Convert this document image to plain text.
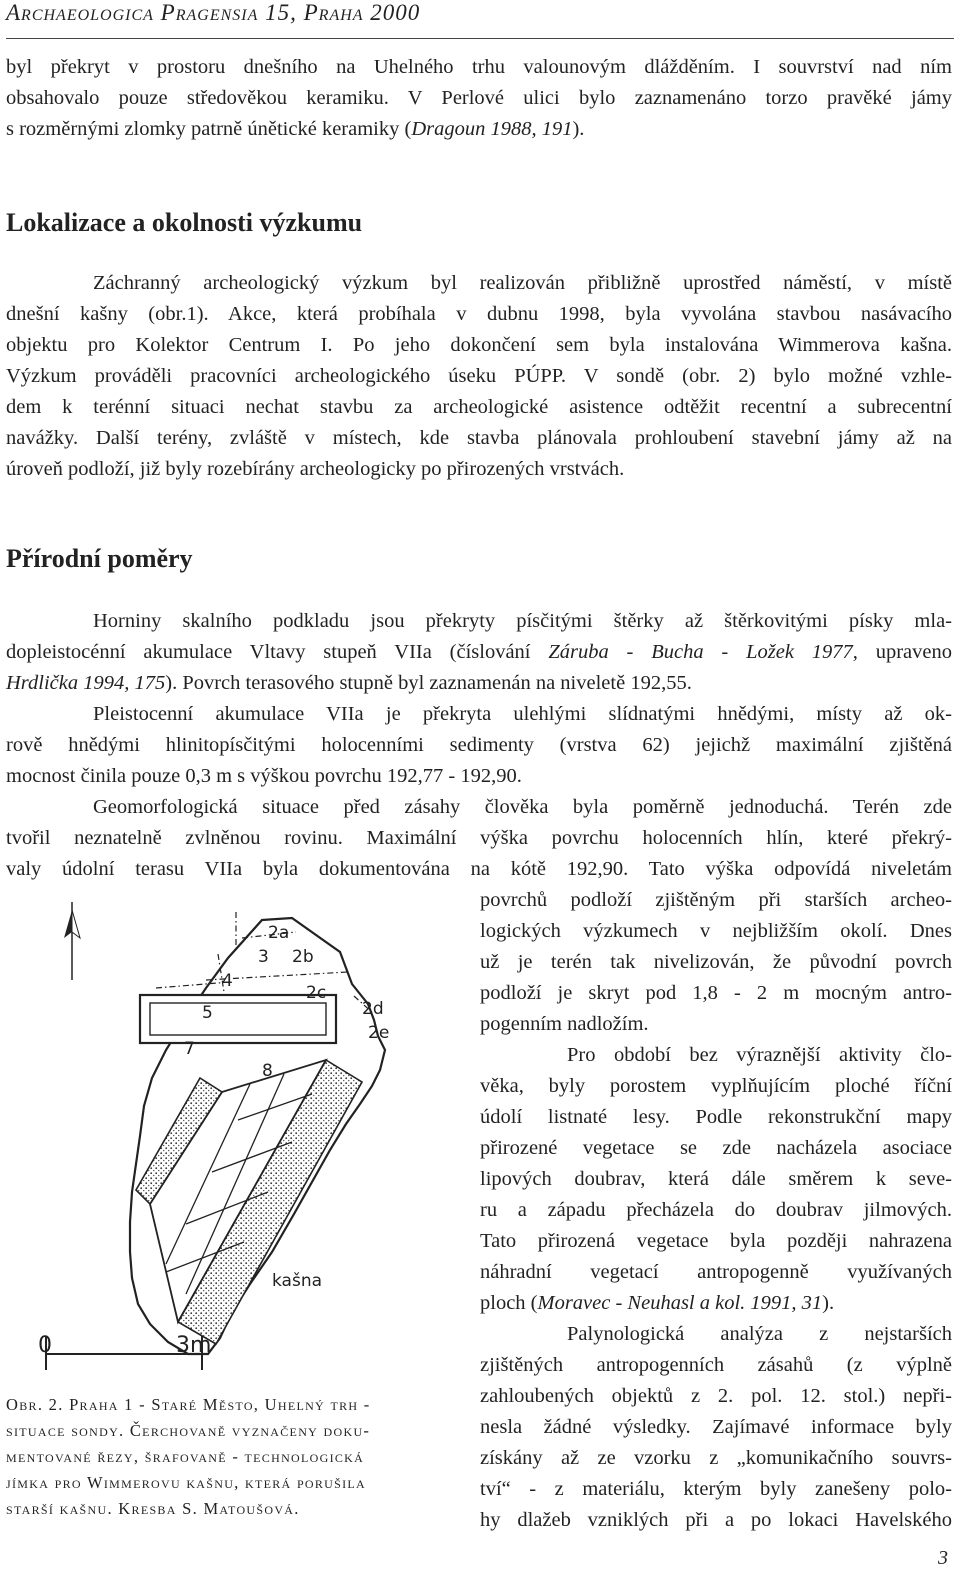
Archaeologica Pragensia 15, Praha 2000
byl překryt v prostoru dnešního na Uhelného trhu valounovým dlážděním. I souvrství nad ním
obsahovalo pouze středověkou keramiku. V Perlové ulici bylo zaznamenáno torzo pravěké jámy
s rozměrnými zlomky patrně únětické keramiky (Dragoun 1988, 191).
Lokalizace a okolnosti výzkumu
Záchranný archeologický výzkum byl realizován přibližně uprostřed náměstí, v místě
dnešní kašny (obr.1). Akce, která probíhala v dubnu 1998, byla vyvolána stavbou nasávacího
objektu pro Kolektor Centrum I. Po jeho dokončení sem byla instalována Wimmerova kašna.
Výzkum prováděli pracovníci archeologického úseku PÚPP. V sondě (obr. 2) bylo možné vzhle-
dem k terénní situaci nechat stavbu za archeologické asistence odtěžit recentní a subrecentní
navážky. Další terény, zvláště v místech, kde stavba plánovala prohloubení stavební jámy až na
úroveň podloží, již byly rozebírány archeologicky po přirozených vrstvách.
Přírodní poměry
Horniny skalního podkladu jsou překryty písčitými štěrky až štěrkovitými písky mla-
dopleistocénní akumulace Vltavy stupeň VIIa (číslování Záruba - Bucha - Ložek 1977, upraveno
Hrdlička 1994, 175). Povrch terasového stupně byl zaznamenán na niveletě 192,55.
Pleistocenní akumulace VIIa je překryta ulehlými slídnatými hnědými, místy až ok-
rově hnědými hlinitopísčitými holocenními sedimenty (vrstva 62) jejichž maximální zjištěná
mocnost činila pouze 0,3 m s výškou povrchu 192,77 - 192,90.
Geomorfologická situace před zásahy člověka byla poměrně jednoduchá. Terén zde
tvořil neznatelně zvlněnou rovinu. Maximální výška povrchu holocenních hlín, které překrý-
valy údolní terasu VIIa byla dokumentována na kótě 192,90. Tato výška odpovídá niveletám
povrchů podloží zjištěným při starších archeo-
logických výzkumech v nejbližším okolí. Dnes
už je terén tak nivelizován, že původní povrch
podloží je skryt pod 1,8 - 2 m mocným antro-
pogenním nadložím.
Pro období bez výraznější aktivity člo-
věka, byly porostem vyplňujícím ploché říční
údolí listnaté lesy. Podle rekonstrukční mapy
přirozené vegetace se zde nacházela asociace
lipových doubrav, která dále směrem k seve-
ru a západu přecházela do doubrav jilmových.
Tato přirozená vegetace byla později nahrazena
náhradní vegetací antropogenně využívaných
ploch (Moravec - Neuhasl a kol. 1991, 31).
Palynologická analýza z nejstarších
zjištěných antropogenních zásahů (z výplně
zahloubených objektů z 2. pol. 12. stol.) nepři-
nesla žádné výsledky. Zajímavé informace byly
získány až ze vzorku z „komunikačního souvrs-
tví“ - z materiálu, kterým byly zanešeny polo-
hy dlažeb vzniklých při a po lokaci Havelského
2a
2b
3
4
2c
2d
2e
5
7
8
kašna
0	3m
Obr. 2. Praha 1 - Staré Město, Uhelný trh -
situace sondy. Čerchovaně vyznačeny doku-
mentované řezy, šrafovaně - technologická
jímka pro Wimmerovu kašnu, která porušila
starší kašnu. Kresba S. Matoušová.
3
